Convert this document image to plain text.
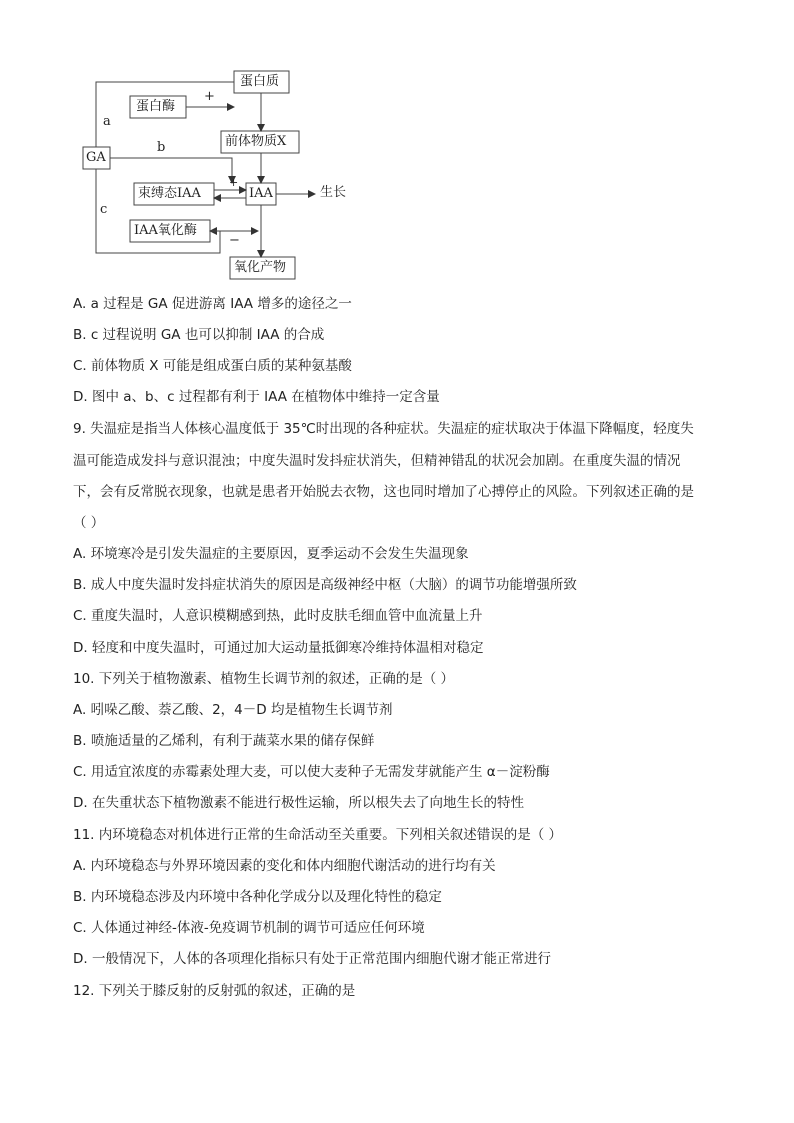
蛋白质
蛋白酶
前体物质X
GA
束缚态IAA	IAA
IAA氧化酶
氧化产物
生长
a
b
c
+
+
−
A. a 过程是 GA 促进游离 IAA 增多的途径之一
B. c 过程说明 GA 也可以抑制 IAA 的合成
C. 前体物质 X 可能是组成蛋白质的某种氨基酸
D. 图中 a、b、c 过程都有利于 IAA 在植物体中维持一定含量
9. 失温症是指当人体核心温度低于 35℃时出现的各种症状。失温症的症状取决于体温下降幅度，轻度失
温可能造成发抖与意识混浊；中度失温时发抖症状消失，但精神错乱的状况会加剧。在重度失温的情况
下，会有反常脱衣现象，也就是患者开始脱去衣物，这也同时增加了心搏停止的风险。下列叙述正确的是
（ ）
A. 环境寒冷是引发失温症的主要原因，夏季运动不会发生失温现象
B. 成人中度失温时发抖症状消失的原因是高级神经中枢（大脑）的调节功能增强所致
C. 重度失温时，人意识模糊感到热，此时皮肤毛细血管中血流量上升
D. 轻度和中度失温时，可通过加大运动量抵御寒冷维持体温相对稳定
10. 下列关于植物激素、植物生长调节剂的叙述，正确的是（ ）
A. 吲哚乙酸、萘乙酸、2，4－D 均是植物生长调节剂
B. 喷施适量的乙烯利，有利于蔬菜水果的储存保鲜
C. 用适宜浓度的赤霉素处理大麦，可以使大麦种子无需发芽就能产生 α－淀粉酶
D. 在失重状态下植物激素不能进行极性运输，所以根失去了向地生长的特性
11. 内环境稳态对机体进行正常的生命活动至关重要。下列相关叙述错误的是（ ）
A. 内环境稳态与外界环境因素的变化和体内细胞代谢活动的进行均有关
B. 内环境稳态涉及内环境中各种化学成分以及理化特性的稳定
C. 人体通过神经-体液-免疫调节机制的调节可适应任何环境
D. 一般情况下，人体的各项理化指标只有处于正常范围内细胞代谢才能正常进行
12. 下列关于膝反射的反射弧的叙述，正确的是
